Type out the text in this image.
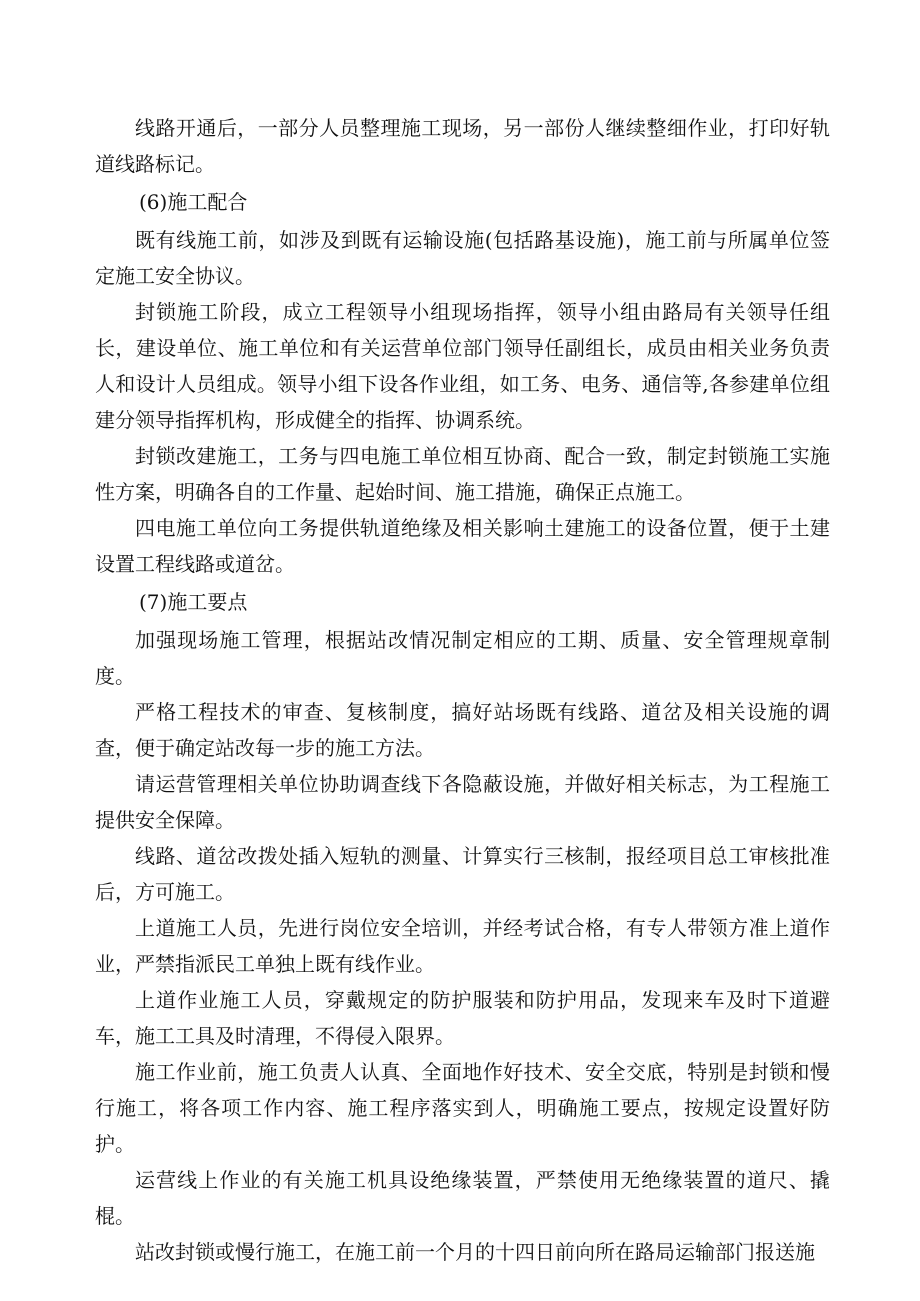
线路开通后，一部分人员整理施工现场，另一部份人继续整细作业，打印好轨道线路标记。

(6)施工配合

既有线施工前，如涉及到既有运输设施(包括路基设施)，施工前与所属单位签定施工安全协议。

封锁施工阶段，成立工程领导小组现场指挥，领导小组由路局有关领导任组长，建设单位、施工单位和有关运营单位部门领导任副组长，成员由相关业务负责人和设计人员组成。领导小组下设各作业组，如工务、电务、通信等,各参建单位组建分领导指挥机构，形成健全的指挥、协调系统。

封锁改建施工，工务与四电施工单位相互协商、配合一致，制定封锁施工实施性方案，明确各自的工作量、起始时间、施工措施，确保正点施工。

四电施工单位向工务提供轨道绝缘及相关影响土建施工的设备位置，便于土建设置工程线路或道岔。

(7)施工要点

加强现场施工管理，根据站改情况制定相应的工期、质量、安全管理规章制度。

严格工程技术的审查、复核制度，搞好站场既有线路、道岔及相关设施的调查，便于确定站改每一步的施工方法。

请运营管理相关单位协助调查线下各隐蔽设施，并做好相关标志，为工程施工提供安全保障。

线路、道岔改拨处插入短轨的测量、计算实行三核制，报经项目总工审核批准后，方可施工。

上道施工人员，先进行岗位安全培训，并经考试合格，有专人带领方准上道作业，严禁指派民工单独上既有线作业。

上道作业施工人员，穿戴规定的防护服装和防护用品，发现来车及时下道避车，施工工具及时清理，不得侵入限界。

施工作业前，施工负责人认真、全面地作好技术、安全交底，特别是封锁和慢行施工，将各项工作内容、施工程序落实到人，明确施工要点，按规定设置好防护。

运营线上作业的有关施工机具设绝缘装置，严禁使用无绝缘装置的道尺、撬棍。

站改封锁或慢行施工，在施工前一个月的十四日前向所在路局运输部门报送施
